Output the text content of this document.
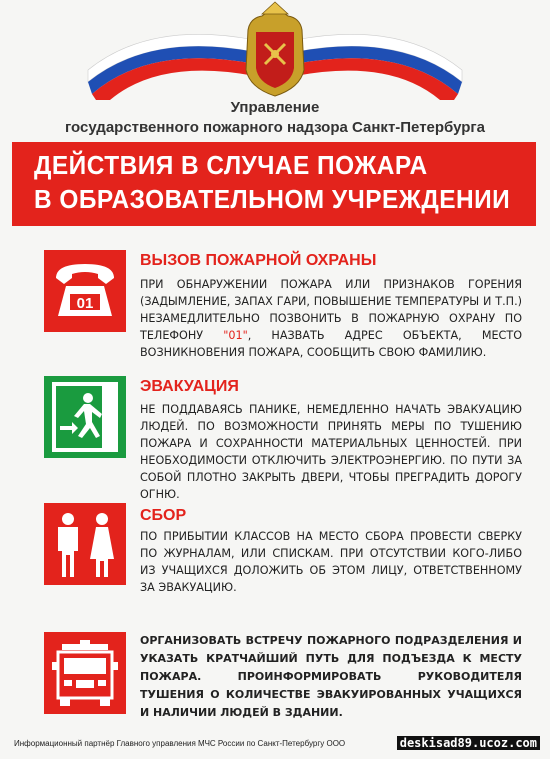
Управление
государственного пожарного надзора Санкт-Петербурга
ДЕЙСТВИЯ В СЛУЧАЕ ПОЖАРА
В ОБРАЗОВАТЕЛЬНОМ УЧРЕЖДЕНИИ
01
ВЫЗОВ ПОЖАРНОЙ ОХРАНЫ
ПРИ ОБНАРУЖЕНИИ ПОЖАРА ИЛИ ПРИЗНАКОВ ГОРЕНИЯ (ЗАДЫМЛЕНИЕ, ЗАПАХ ГАРИ, ПОВЫШЕНИЕ ТЕМПЕРАТУРЫ И Т.П.) НЕЗАМЕДЛИТЕЛЬНО ПОЗВОНИТЬ В ПОЖАРНУЮ ОХРАНУ ПО ТЕЛЕФОНУ "01", НАЗВАТЬ АДРЕС ОБЪЕКТА, МЕСТО ВОЗНИКНОВЕНИЯ ПОЖАРА, СООБЩИТЬ СВОЮ ФАМИЛИЮ.
ЭВАКУАЦИЯ
НЕ ПОДДАВАЯСЬ ПАНИКЕ, НЕМЕДЛЕННО НАЧАТЬ ЭВАКУАЦИЮ ЛЮДЕЙ. ПО ВОЗМОЖНОСТИ ПРИНЯТЬ МЕРЫ ПО ТУШЕНИЮ ПОЖАРА И СОХРАННОСТИ МАТЕРИАЛЬНЫХ ЦЕННОСТЕЙ. ПРИ НЕОБХОДИМОСТИ ОТКЛЮЧИТЬ ЭЛЕКТРОЭНЕРГИЮ. ПО ПУТИ ЗА СОБОЙ ПЛОТНО ЗАКРЫТЬ ДВЕРИ, ЧТОБЫ ПРЕГРАДИТЬ ДОРОГУ ОГНЮ.
СБОР
ПО ПРИБЫТИИ КЛАССОВ НА МЕСТО СБОРА ПРОВЕСТИ СВЕРКУ ПО ЖУРНАЛАМ, ИЛИ СПИСКАМ. ПРИ ОТСУТСТВИИ КОГО-ЛИБО ИЗ УЧАЩИХСЯ ДОЛОЖИТЬ ОБ ЭТОМ ЛИЦУ, ОТВЕТСТВЕННОМУ ЗА ЭВАКУАЦИЮ.
ОРГАНИЗОВАТЬ ВСТРЕЧУ ПОЖАРНОГО ПОДРАЗДЕЛЕНИЯ И УКАЗАТЬ КРАТЧАЙШИЙ ПУТЬ ДЛЯ ПОДЪЕЗДА К МЕСТУ ПОЖАРА. ПРОИНФОРМИРОВАТЬ РУКОВОДИТЕЛЯ ТУШЕНИЯ О КОЛИЧЕСТВЕ ЭВАКУИРОВАННЫХ УЧАЩИХСЯ И НАЛИЧИИ ЛЮДЕЙ В ЗДАНИИ.
Информационный партнёр Главного управления МЧС России по Санкт-Петербургу ООО	deskisad89.ucoz.com
